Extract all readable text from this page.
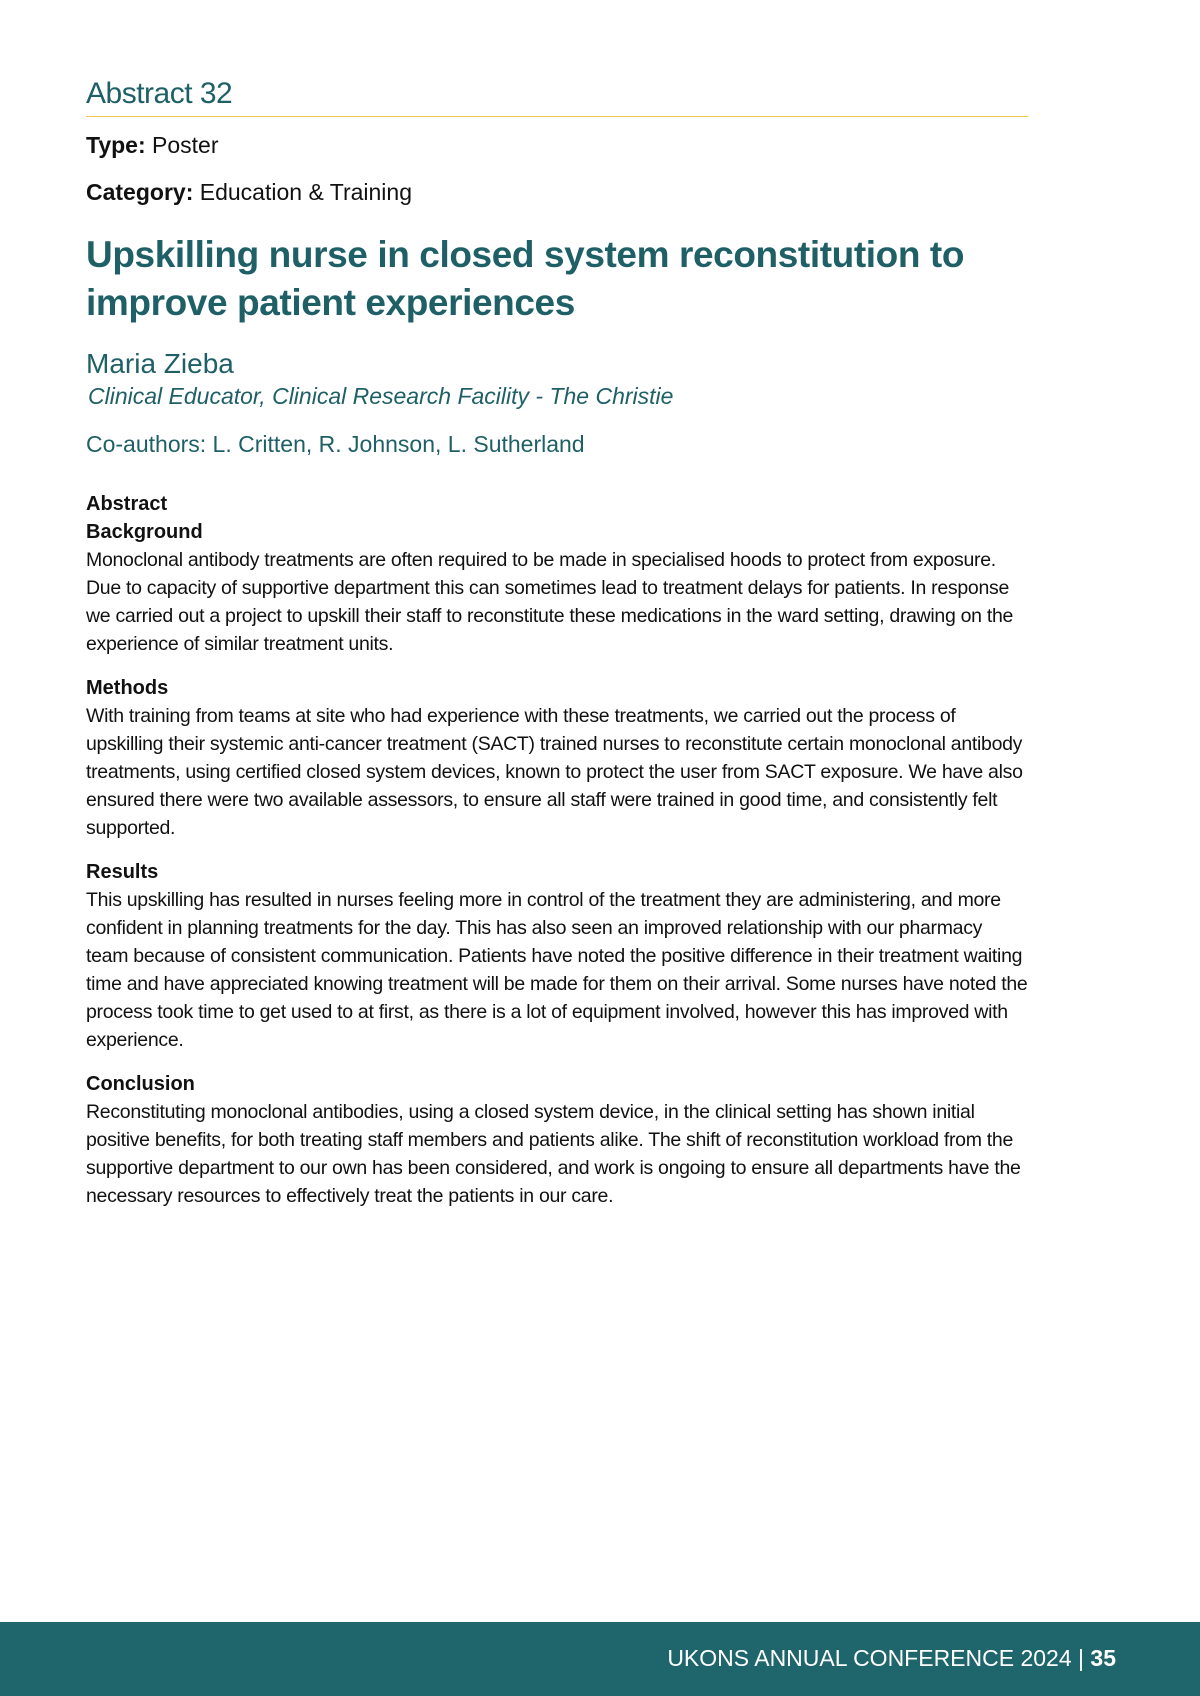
Abstract 32

Type: Poster

Category: Education & Training

Upskilling nurse in closed system reconstitution to
improve patient experiences
Maria Zieba
Clinical Educator, Clinical Research Facility - The Christie
Co-authors: L. Critten, R. Johnson, L. Sutherland
Abstract
Background

Monoclonal antibody treatments are often required to be made in specialised hoods to protect from exposure. Due to capacity of supportive department this can sometimes lead to treatment delays for patients. In response we carried out a project to upskill their staff to reconstitute these medications in the ward setting, drawing on the experience of similar treatment units.

Methods

With training from teams at site who had experience with these treatments, we carried out the process of upskilling their systemic anti-cancer treatment (SACT) trained nurses to reconstitute certain monoclonal antibody treatments, using certified closed system devices, known to protect the user from SACT exposure. We have also ensured there were two available assessors, to ensure all staff were trained in good time, and consistently felt supported.

Results

This upskilling has resulted in nurses feeling more in control of the treatment they are administering, and more confident in planning treatments for the day. This has also seen an improved relationship with our pharmacy team because of consistent communication. Patients have noted the positive difference in their treatment waiting time and have appreciated knowing treatment will be made for them on their arrival. Some nurses have noted the process took time to get used to at first, as there is a lot of equipment involved, however this has improved with experience.

Conclusion

Reconstituting monoclonal antibodies, using a closed system device, in the clinical setting has shown initial positive benefits, for both treating staff members and patients alike. The shift of reconstitution workload from the supportive department to our own has been considered, and work is ongoing to ensure all departments have the necessary resources to effectively treat the patients in our care.

UKONS ANNUAL CONFERENCE 2024 | 35
